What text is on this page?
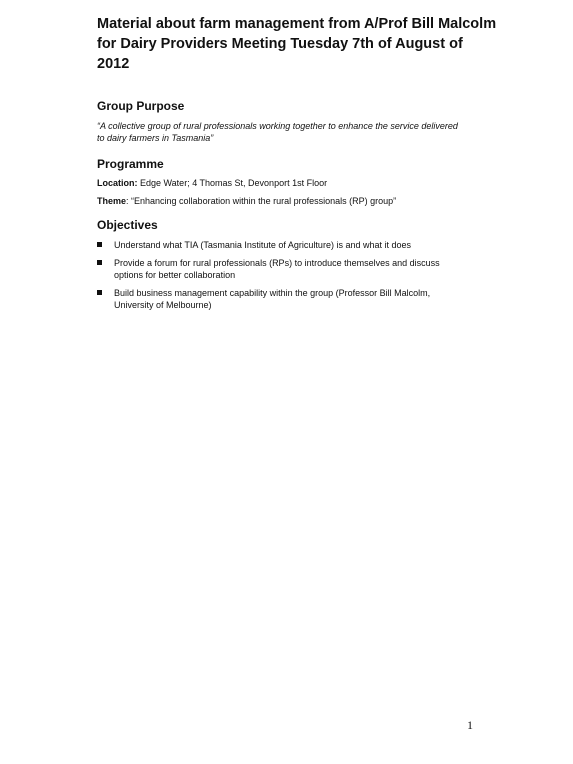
Material about farm management from A/Prof Bill Malcolm
for Dairy Providers Meeting Tuesday 7th of August of 2012
Group Purpose

“A collective group of rural professionals working together to enhance the service delivered
to dairy farmers in Tasmania”

Programme

Location: Edge Water; 4 Thomas St, Devonport 1st Floor

Theme: “Enhancing collaboration within the rural professionals (RP) group”

Objectives
Understand what TIA (Tasmania Institute of Agriculture) is and what it does
Provide a forum for rural professionals (RPs) to introduce themselves and discuss
options for better collaboration
Build business management capability within the group (Professor Bill Malcolm,
University of Melbourne)
1
